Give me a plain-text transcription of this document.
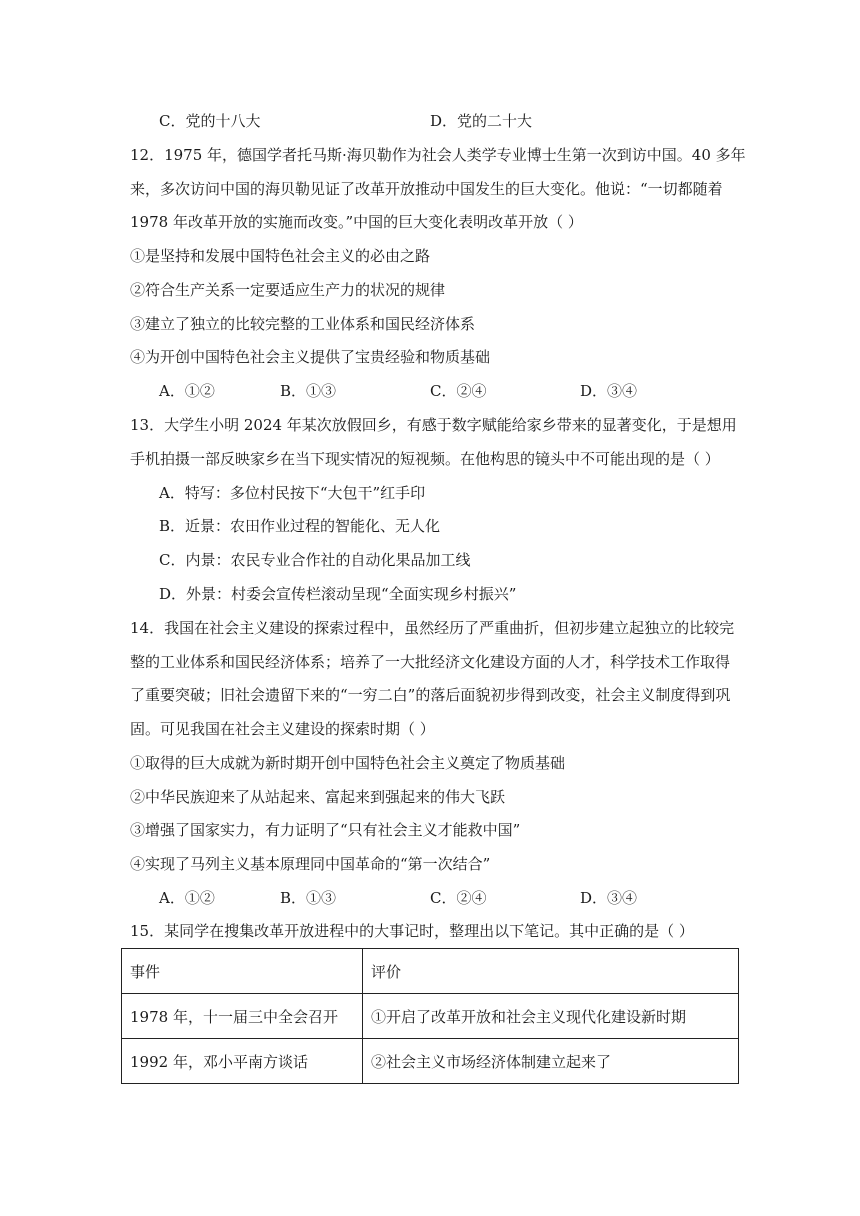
C．党的十八大	D．党的二十大
12．1975 年，德国学者托马斯·海贝勒作为社会人类学专业博士生第一次到访中国。40 多年
来，多次访问中国的海贝勒见证了改革开放推动中国发生的巨大变化。他说：“一切都随着
1978 年改革开放的实施而改变。”中国的巨大变化表明改革开放（ ）
①是坚持和发展中国特色社会主义的必由之路
②符合生产关系一定要适应生产力的状况的规律
③建立了独立的比较完整的工业体系和国民经济体系
④为开创中国特色社会主义提供了宝贵经验和物质基础
A．①②	B．①③	C．②④	D．③④
13．大学生小明 2024 年某次放假回乡，有感于数字赋能给家乡带来的显著变化，于是想用
手机拍摄一部反映家乡在当下现实情况的短视频。在他构思的镜头中不可能出现的是（ ）
A．特写：多位村民按下“大包干”红手印
B．近景：农田作业过程的智能化、无人化
C．内景：农民专业合作社的自动化果品加工线
D．外景：村委会宣传栏滚动呈现“全面实现乡村振兴”
14．我国在社会主义建设的探索过程中，虽然经历了严重曲折，但初步建立起独立的比较完
整的工业体系和国民经济体系；培养了一大批经济文化建设方面的人才，科学技术工作取得
了重要突破；旧社会遗留下来的“一穷二白”的落后面貌初步得到改变，社会主义制度得到巩
固。可见我国在社会主义建设的探索时期（ ）
①取得的巨大成就为新时期开创中国特色社会主义奠定了物质基础
②中华民族迎来了从站起来、富起来到强起来的伟大飞跃
③增强了国家实力，有力证明了“只有社会主义才能救中国”
④实现了马列主义基本原理同中国革命的“第一次结合”
A．①②	B．①③	C．②④	D．③④
15．某同学在搜集改革开放进程中的大事记时，整理出以下笔记。其中正确的是（ ）
事件	评价
1978 年，十一届三中全会召开	①开启了改革开放和社会主义现代化建设新时期
1992 年，邓小平南方谈话	②社会主义市场经济体制建立起来了
